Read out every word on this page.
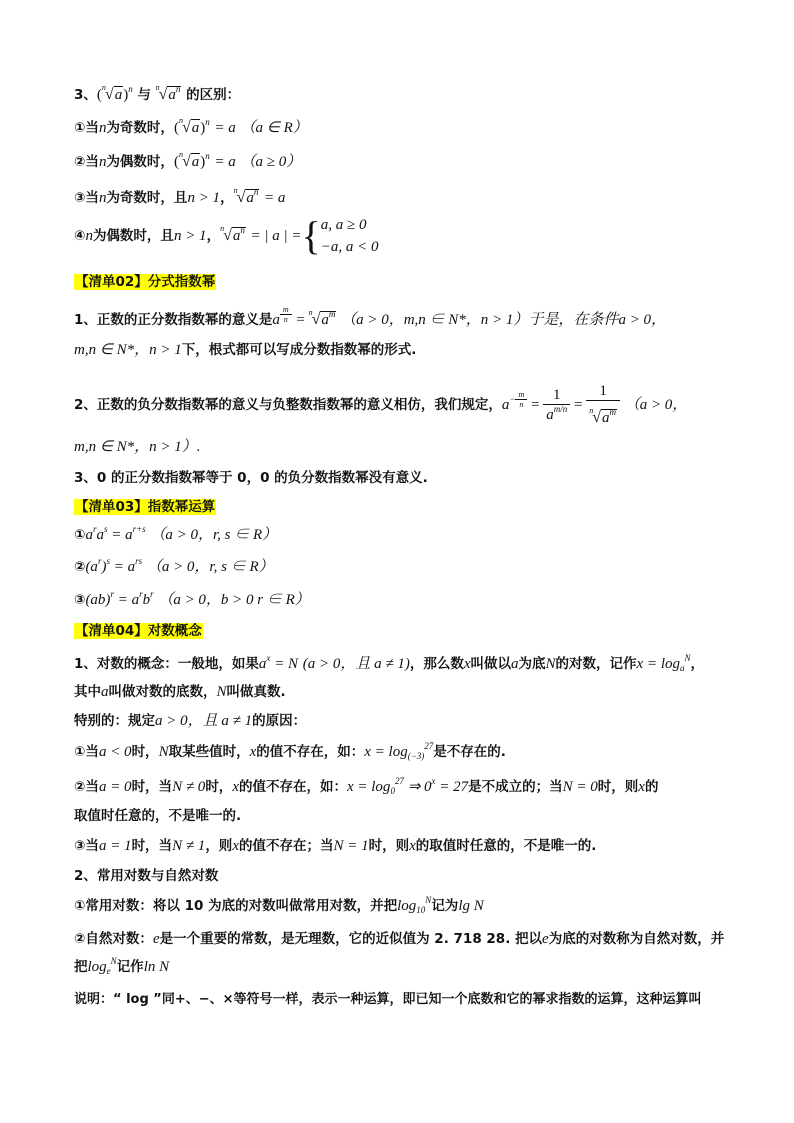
3、$(^n√a)^n$ 与 $^n√a^n$ 的区别：
①当n为奇数时，$(^n√a)^n = a$ （a ∈ R）
②当n为偶数时，$(^n√a)^n = a$ （a ≥ 0）
③当n为奇数时，且n > 1，$^n√a^n = a$
④n为偶数时，且n > 1，$^n√a^n$ = | a | ={ a, a ≥ 0
−a, a < 0
【清单02】分式指数幂
1、正数的正分数指数幂的意义是a $^{\frac{m}{n}} = ^n√a^m$ （a > 0，m,n ∈ N*，n > 1）于是，在条件a > 0，
m,n ∈ N*，n > 1下，根式都可以写成分数指数幂的形式.
2、正数的负分数指数幂的意义与负整数指数幂的意义相仿，我们规定，$a^{- \frac{m}{n}} = \frac{1}{a^{m/n}} = \frac{1}{^n√a^m} (a > 0$，
m,n ∈ N*，n > 1）.
3、0 的正分数指数幂等于 0，0 的负分数指数幂没有意义.
【清单03】指数幂运算
$①a^ra^s = a^{r+s}$ （a > 0，r, s ∈ R）
$②(a^r)^s = a^{rs}$ （a > 0，r, s ∈ R）
③(ab)$^r$ = $a^rb^r$ （a > 0，b > 0 r ∈ R）
【清单04】对数概念
1、对数的概念：一般地，如果$a^x = N$ (a > 0，且 a ≠ 1)，那么数x叫做以a为底N的对数，记作$x = \log_a^N$，
其中a叫做对数的底数，N叫做真数.
特别的：规定a > 0，且 a ≠ 1的原因：
①当a < 0时，N取某些值时，x的值不存在，如：$x = \log_{(-3)}^{27}$是不存在的.
②当a = 0时，当N ≠ 0时，x的值不存在，如：$x = \log_0^{27}$ ⇒ $0^x = 27$是不成立的；当N = 0时，则x的
取值时任意的，不是唯一的.
③当a = 1时，当N ≠ 1，则x的值不存在；当N = 1时，则x的取值时任意的，不是唯一的.
2、常用对数与自然对数
①常用对数：将以 10 为底的对数叫做常用对数，并把$\log_{10}^N$记为lg N
②自然对数：e是一个重要的常数，是无理数，它的近似值为 2. 718 28. 把以e为底的对数称为自然对数，并
把$\log_e^N$记作ln N
说明：“ log ”同+、−、×等符号一样，表示一种运算，即已知一个底数和它的幂求指数的运算，这种运算叫
